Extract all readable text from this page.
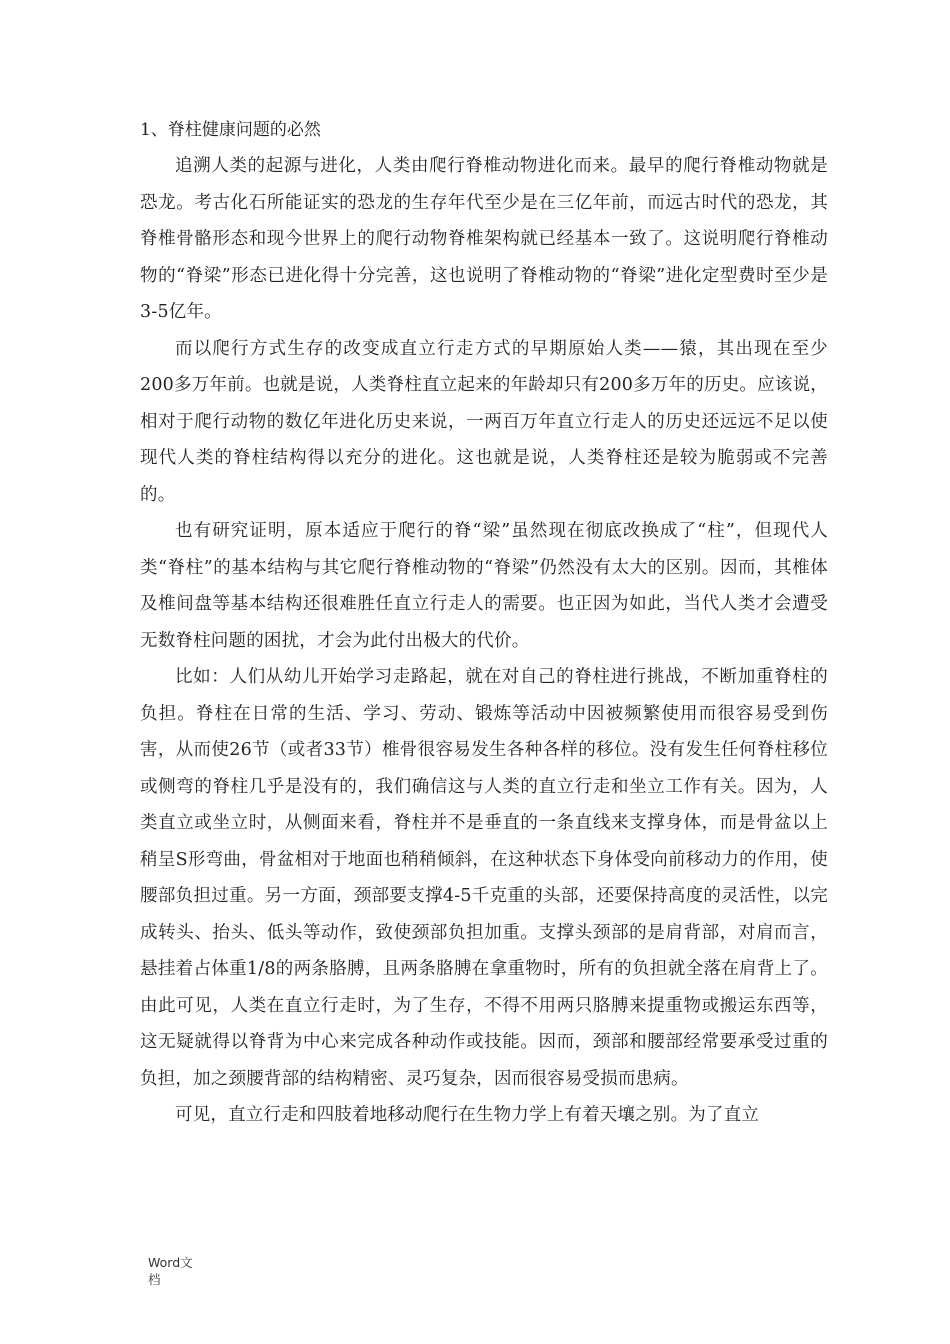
1、脊柱健康问题的必然

追溯人类的起源与进化，人类由爬行脊椎动物进化而来。最早的爬行脊椎动物就是恐龙。考古化石所能证实的恐龙的生存年代至少是在三亿年前，而远古时代的恐龙，其脊椎骨骼形态和现今世界上的爬行动物脊椎架构就已经基本一致了。这说明爬行脊椎动物的“脊梁”形态已进化得十分完善，这也说明了脊椎动物的“脊梁”进化定型费时至少是3-5亿年。

而以爬行方式生存的改变成直立行走方式的早期原始人类——猿，其出现在至少200多万年前。也就是说，人类脊柱直立起来的年龄却只有200多万年的历史。应该说，相对于爬行动物的数亿年进化历史来说，一两百万年直立行走人的历史还远远不足以使现代人类的脊柱结构得以充分的进化。这也就是说，人类脊柱还是较为脆弱或不完善的。

也有研究证明，原本适应于爬行的脊“梁”虽然现在彻底改换成了“柱”，但现代人类“脊柱”的基本结构与其它爬行脊椎动物的“脊梁”仍然没有太大的区别。因而，其椎体及椎间盘等基本结构还很难胜任直立行走人的需要。也正因为如此，当代人类才会遭受无数脊柱问题的困扰，才会为此付出极大的代价。

比如：人们从幼儿开始学习走路起，就在对自己的脊柱进行挑战，不断加重脊柱的负担。脊柱在日常的生活、学习、劳动、锻炼等活动中因被频繁使用而很容易受到伤害，从而使26节（或者33节）椎骨很容易发生各种各样的移位。没有发生任何脊柱移位或侧弯的脊柱几乎是没有的，我们确信这与人类的直立行走和坐立工作有关。因为，人类直立或坐立时，从侧面来看，脊柱并不是垂直的一条直线来支撑身体，而是骨盆以上稍呈S形弯曲，骨盆相对于地面也稍稍倾斜，在这种状态下身体受向前移动力的作用，使腰部负担过重。另一方面，颈部要支撑4-5千克重的头部，还要保持高度的灵活性，以完成转头、抬头、低头等动作，致使颈部负担加重。支撑头颈部的是肩背部，对肩而言，悬挂着占体重1/8的两条胳膊，且两条胳膊在拿重物时，所有的负担就全落在肩背上了。由此可见，人类在直立行走时，为了生存，不得不用两只胳膊来提重物或搬运东西等，这无疑就得以脊背为中心来完成各种动作或技能。因而，颈部和腰部经常要承受过重的负担，加之颈腰背部的结构精密、灵巧复杂，因而很容易受损而患病。

可见，直立行走和四肢着地移动爬行在生物力学上有着天壤之别。为了直立

Word文档
